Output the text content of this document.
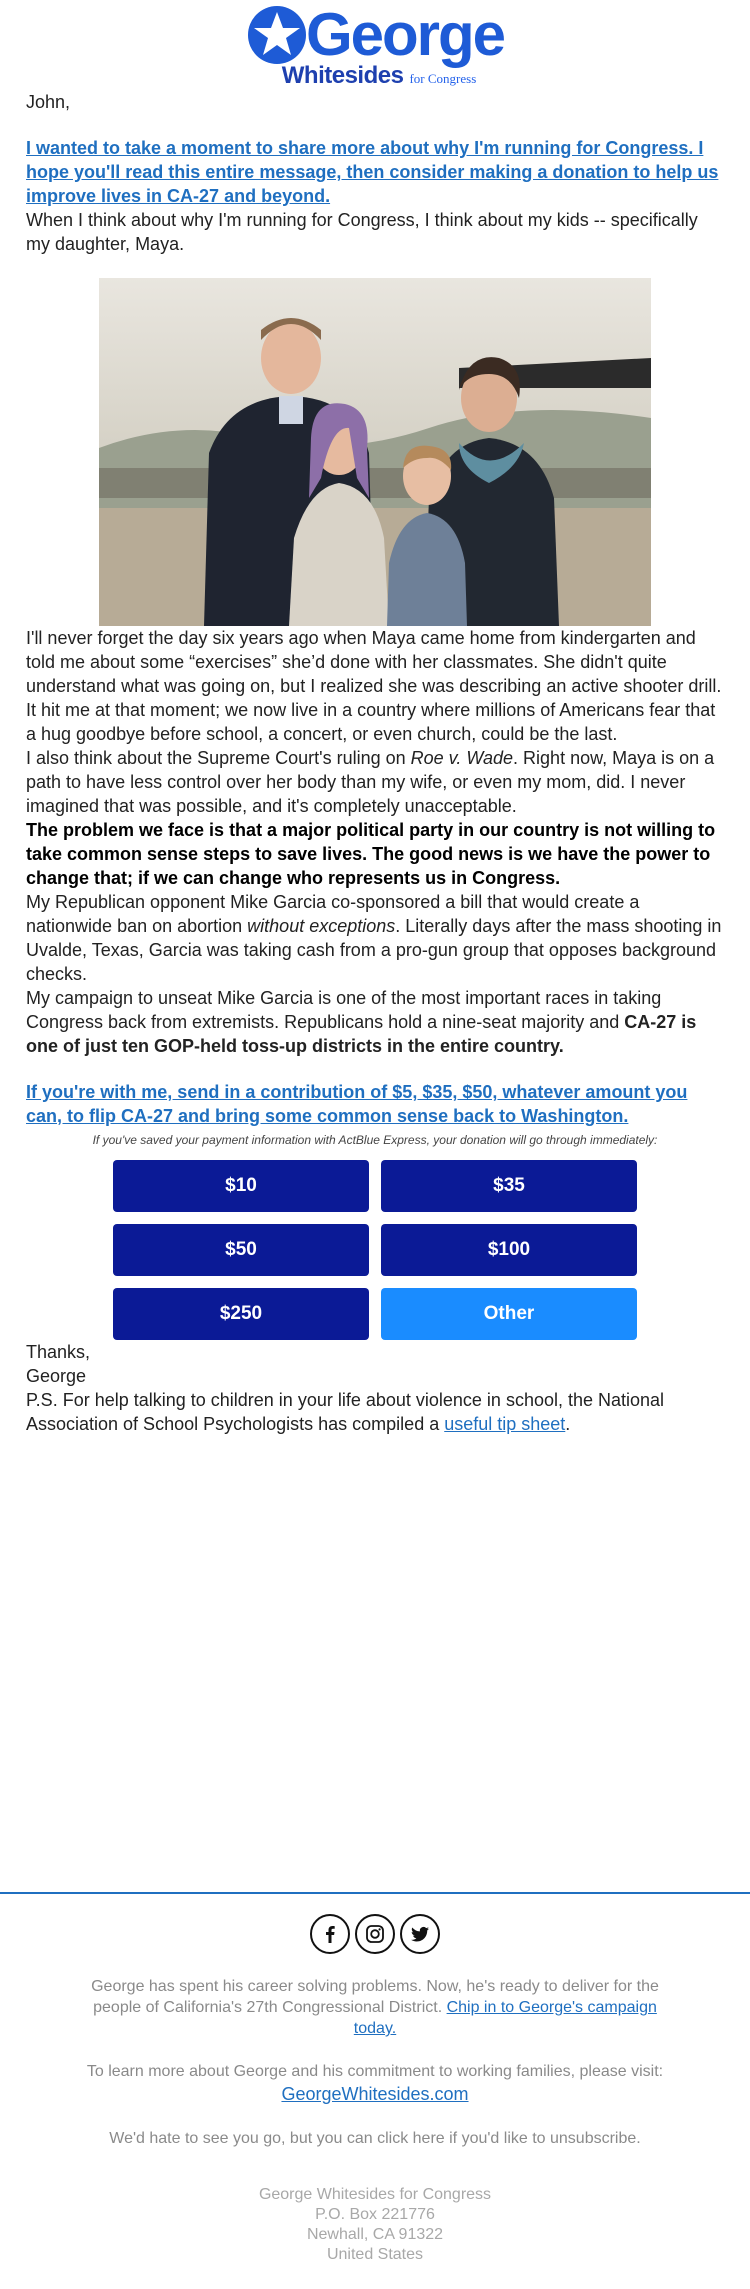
George
Whitesides for Congress

John,

I wanted to take a moment to share more about why I'm running for Congress. I hope you'll read this entire message, then consider making a donation to help us improve lives in CA-27 and beyond.

When I think about why I'm running for Congress, I think about my kids -- specifically my daughter, Maya.

I'll never forget the day six years ago when Maya came home from kindergarten and told me about some “exercises” she’d done with her classmates. She didn't quite understand what was going on, but I realized she was describing an active shooter drill.

It hit me at that moment; we now live in a country where millions of Americans fear that a hug goodbye before school, a concert, or even church, could be the last.

I also think about the Supreme Court's ruling on Roe v. Wade. Right now, Maya is on a path to have less control over her body than my wife, or even my mom, did. I never imagined that was possible, and it's completely unacceptable.

The problem we face is that a major political party in our country is not willing to take common sense steps to save lives. The good news is we have the power to change that; if we can change who represents us in Congress.

My Republican opponent Mike Garcia co-sponsored a bill that would create a nationwide ban on abortion without exceptions. Literally days after the mass shooting in Uvalde, Texas, Garcia was taking cash from a pro-gun group that opposes background checks.

My campaign to unseat Mike Garcia is one of the most important races in taking Congress back from extremists. Republicans hold a nine-seat majority and CA-27 is one of just ten GOP-held toss-up districts in the entire country.

If you're with me, send in a contribution of $5, $35, $50, whatever amount you can, to flip CA-27 and bring some common sense back to Washington.

If you've saved your payment information with ActBlue Express, your donation will go through immediately:

$10	$35
$50	$100
$250	Other

Thanks,

George

P.S. For help talking to children in your life about violence in school, the National Association of School Psychologists has compiled a useful tip sheet.

George has spent his career solving problems. Now, he's ready to deliver for the people of California's 27th Congressional District. Chip in to George's campaign today.

To learn more about George and his commitment to working families, please visit:
GeorgeWhitesides.com

We'd hate to see you go, but you can click here if you'd like to unsubscribe.

George Whitesides for Congress
P.O. Box 221776
Newhall, CA 91322
United States
